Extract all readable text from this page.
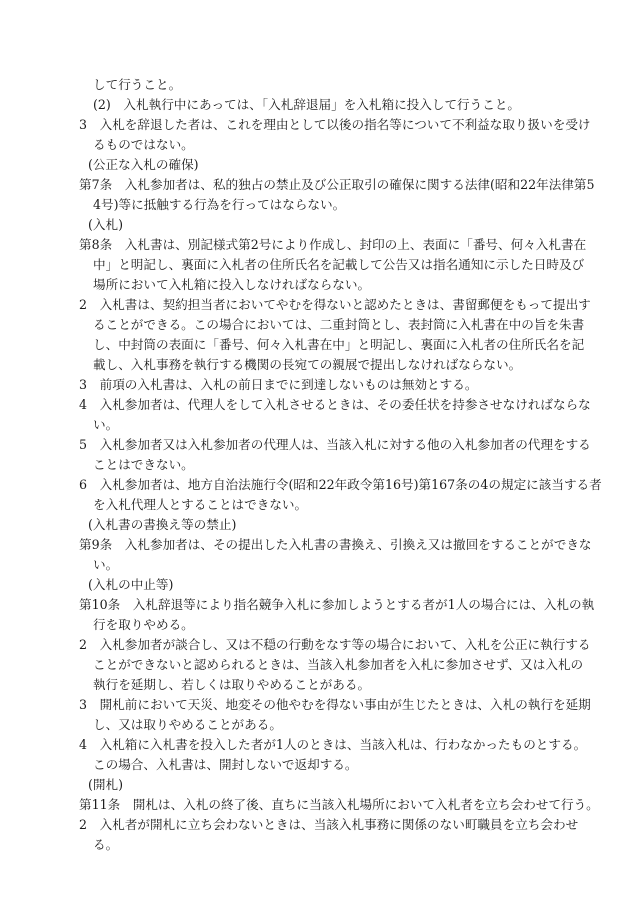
して行うこと。
(2)　入札執行中にあっては、「入札辞退届」を入札箱に投入して行うこと。
3　入札を辞退した者は、これを理由として以後の指名等について不利益な取り扱いを受け
るものではない。
(公正な入札の確保)
第7条　入札参加者は、私的独占の禁止及び公正取引の確保に関する法律(昭和22年法律第5
4号)等に抵触する行為を行ってはならない。
(入札)
第8条　入札書は、別記様式第2号により作成し、封印の上、表面に「番号、何々入札書在
中」と明記し、裏面に入札者の住所氏名を記載して公告又は指名通知に示した日時及び
場所において入札箱に投入しなければならない。
2　入札書は、契約担当者においてやむを得ないと認めたときは、書留郵便をもって提出す
ることができる。この場合においては、二重封筒とし、表封筒に入札書在中の旨を朱書
し、中封筒の表面に「番号、何々入札書在中」と明記し、裏面に入札者の住所氏名を記
載し、入札事務を執行する機関の長宛ての親展で提出しなければならない。
3　前項の入札書は、入札の前日までに到達しないものは無効とする。
4　入札参加者は、代理人をして入札させるときは、その委任状を持参させなければならな
い。
5　入札参加者又は入札参加者の代理人は、当該入札に対する他の入札参加者の代理をする
ことはできない。
6　入札参加者は、地方自治法施行令(昭和22年政令第16号)第167条の4の規定に該当する者
を入札代理人とすることはできない。
(入札書の書換え等の禁止)
第9条　入札参加者は、その提出した入札書の書換え、引換え又は撤回をすることができな
い。
(入札の中止等)
第10条　入札辞退等により指名競争入札に参加しようとする者が1人の場合には、入札の執
行を取りやめる。
2　入札参加者が談合し、又は不穏の行動をなす等の場合において、入札を公正に執行する
ことができないと認められるときは、当該入札参加者を入札に参加させず、又は入札の
執行を延期し、若しくは取りやめることがある。
3　開札前において天災、地変その他やむを得ない事由が生じたときは、入札の執行を延期
し、又は取りやめることがある。
4　入札箱に入札書を投入した者が1人のときは、当該入札は、行わなかったものとする。
この場合、入札書は、開封しないで返却する。
(開札)
第11条　開札は、入札の終了後、直ちに当該入札場所において入札者を立ち会わせて行う。
2　入札者が開札に立ち会わないときは、当該入札事務に関係のない町職員を立ち会わせ
る。
